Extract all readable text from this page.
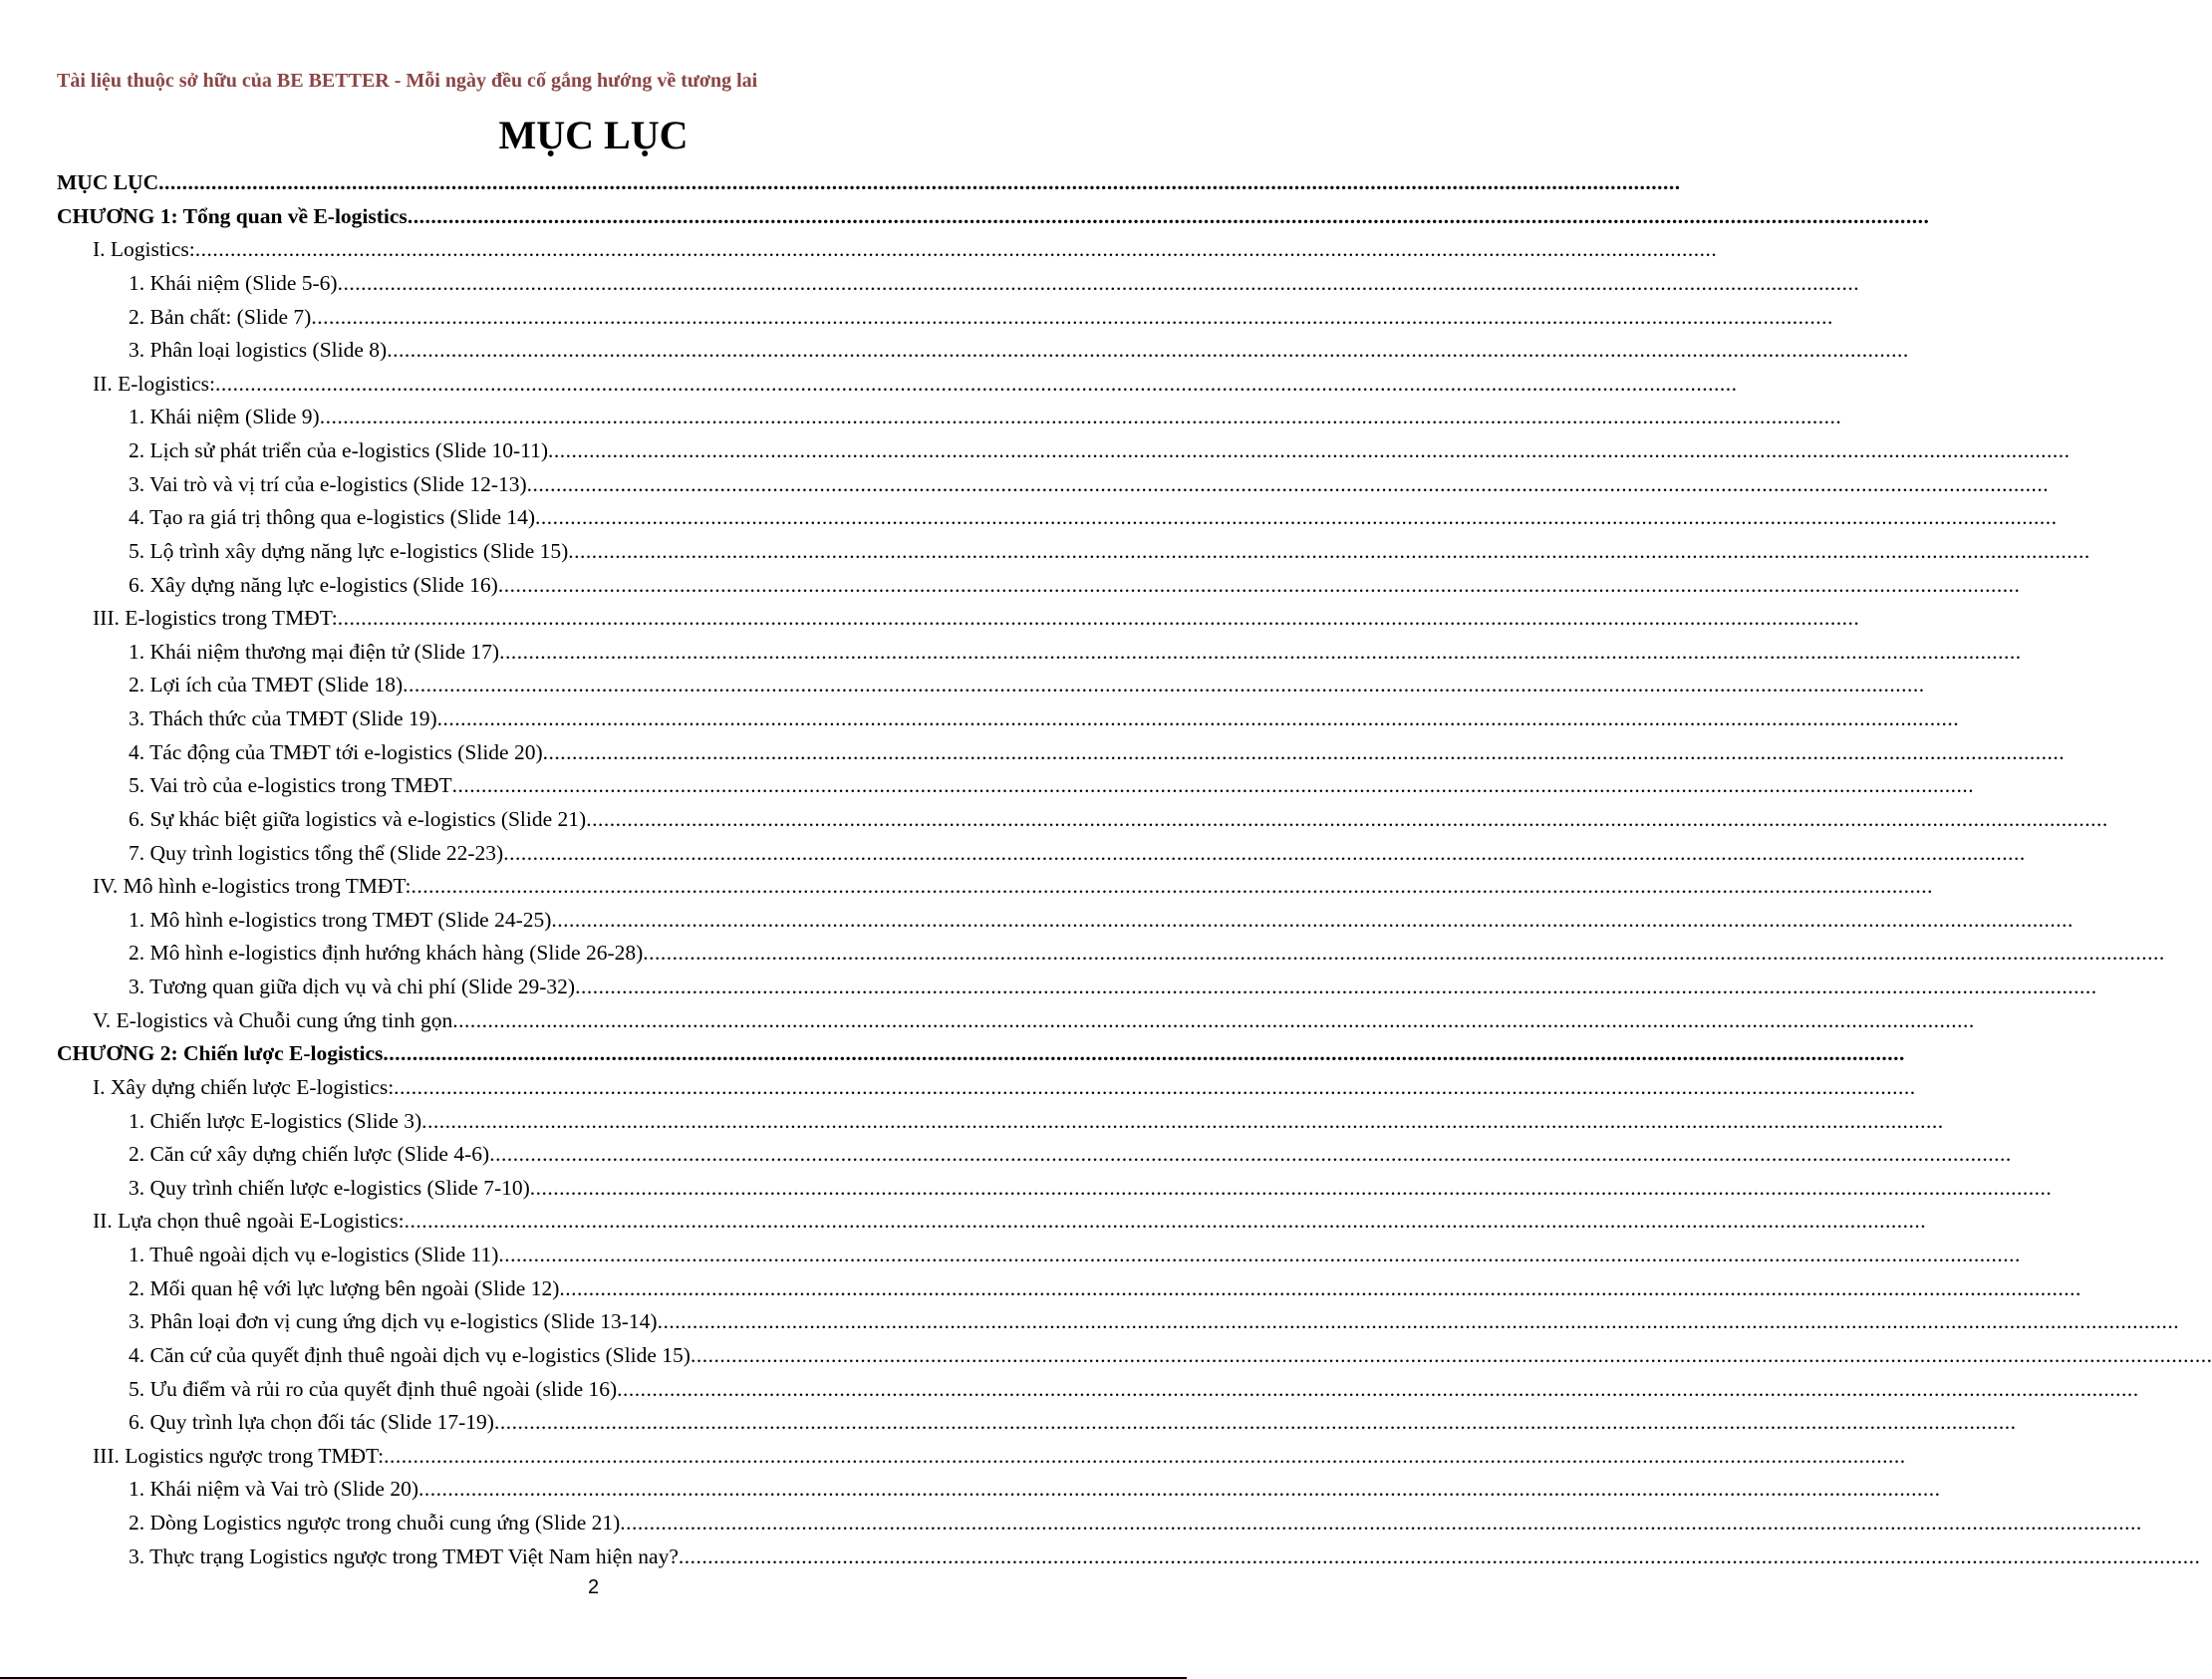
Tài liệu thuộc sở hữu của BE BETTER - Mỗi ngày đều cố gắng hướng về tương lai
MỤC LỤC
MỤC LỤC....................................................................................................................................................................................................................................................................
CHƯƠNG 1: Tổng quan về E-logistics....................................................................................................................................................................................................................................................................
I. Logistics:....................................................................................................................................................................................................................................................................
1. Khái niệm (Slide 5-6)....................................................................................................................................................................................................................................................................
2. Bản chất: (Slide 7)....................................................................................................................................................................................................................................................................
3. Phân loại logistics (Slide 8)....................................................................................................................................................................................................................................................................
II. E-logistics:....................................................................................................................................................................................................................................................................
1. Khái niệm (Slide 9)....................................................................................................................................................................................................................................................................
2. Lịch sử phát triển của e-logistics (Slide 10-11)....................................................................................................................................................................................................................................................................
3. Vai trò và vị trí của e-logistics (Slide 12-13)....................................................................................................................................................................................................................................................................
4. Tạo ra giá trị thông qua e-logistics (Slide 14)....................................................................................................................................................................................................................................................................
5. Lộ trình xây dựng năng lực e-logistics (Slide 15)....................................................................................................................................................................................................................................................................
6. Xây dựng năng lực e-logistics (Slide 16)....................................................................................................................................................................................................................................................................
III. E-logistics trong TMĐT:....................................................................................................................................................................................................................................................................
1. Khái niệm thương mại điện tử (Slide 17)....................................................................................................................................................................................................................................................................
2. Lợi ích của TMĐT (Slide 18)....................................................................................................................................................................................................................................................................
3. Thách thức của TMĐT (Slide 19)....................................................................................................................................................................................................................................................................
4. Tác động của TMĐT tới e-logistics (Slide 20)....................................................................................................................................................................................................................................................................
5. Vai trò của e-logistics trong TMĐT....................................................................................................................................................................................................................................................................
6. Sự khác biệt giữa logistics và e-logistics (Slide 21)....................................................................................................................................................................................................................................................................
7. Quy trình logistics tổng thể (Slide 22-23)....................................................................................................................................................................................................................................................................
IV. Mô hình e-logistics trong TMĐT:....................................................................................................................................................................................................................................................................
1. Mô hình e-logistics trong TMĐT (Slide 24-25)....................................................................................................................................................................................................................................................................
2. Mô hình e-logistics định hướng khách hàng (Slide 26-28)....................................................................................................................................................................................................................................................................
3. Tương quan giữa dịch vụ và chi phí (Slide 29-32)....................................................................................................................................................................................................................................................................
V. E-logistics và Chuỗi cung ứng tinh gọn....................................................................................................................................................................................................................................................................
CHƯƠNG 2: Chiến lược E-logistics....................................................................................................................................................................................................................................................................
I. Xây dựng chiến lược E-logistics:....................................................................................................................................................................................................................................................................
1. Chiến lược E-logistics (Slide 3)....................................................................................................................................................................................................................................................................
2. Căn cứ xây dựng chiến lược (Slide 4-6)....................................................................................................................................................................................................................................................................
3. Quy trình chiến lược e-logistics (Slide 7-10)....................................................................................................................................................................................................................................................................
II. Lựa chọn thuê ngoài E-Logistics:....................................................................................................................................................................................................................................................................
1. Thuê ngoài dịch vụ e-logistics (Slide 11)....................................................................................................................................................................................................................................................................
2. Mối quan hệ với lực lượng bên ngoài (Slide 12)....................................................................................................................................................................................................................................................................
3. Phân loại đơn vị cung ứng dịch vụ e-logistics (Slide 13-14)....................................................................................................................................................................................................................................................................
4. Căn cứ của quyết định thuê ngoài dịch vụ e-logistics (Slide 15)....................................................................................................................................................................................................................................................................
5. Ưu điểm và rủi ro của quyết định thuê ngoài (slide 16)....................................................................................................................................................................................................................................................................
6. Quy trình lựa chọn đối tác (Slide 17-19)....................................................................................................................................................................................................................................................................
III. Logistics ngược trong TMĐT:....................................................................................................................................................................................................................................................................
1. Khái niệm và Vai trò (Slide 20)....................................................................................................................................................................................................................................................................
2. Dòng Logistics ngược trong chuỗi cung ứng (Slide 21)....................................................................................................................................................................................................................................................................
3. Thực trạng Logistics ngược trong TMĐT Việt Nam hiện nay?....................................................................................................................................................................................................................................................................
2
